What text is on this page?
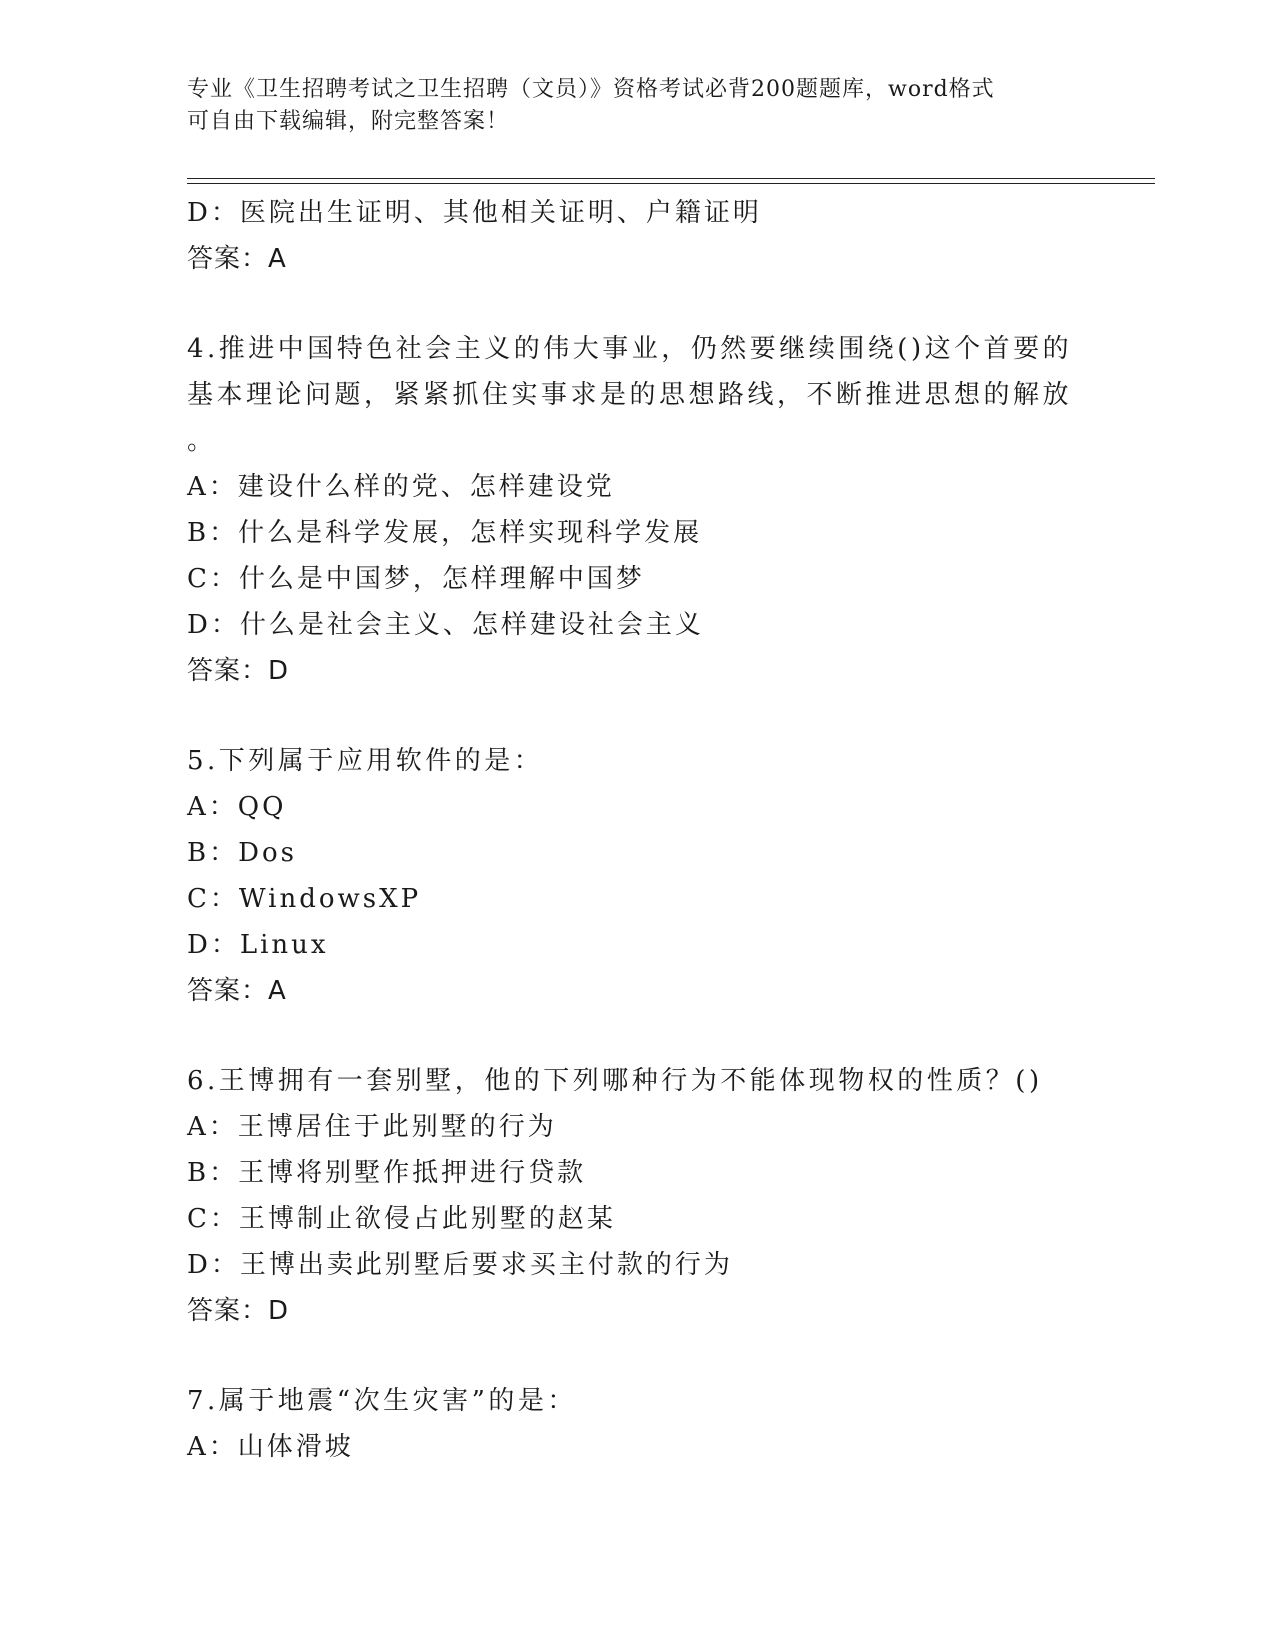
专业《卫生招聘考试之卫生招聘（文员）》资格考试必背200题题库，word格式
可自由下载编辑，附完整答案！
D：医院出生证明、其他相关证明、户籍证明
答案：A
4.推进中国特色社会主义的伟大事业，仍然要继续围绕()这个首要的
基本理论问题，紧紧抓住实事求是的思想路线，不断推进思想的解放
。
A：建设什么样的党、怎样建设党
B：什么是科学发展，怎样实现科学发展
C：什么是中国梦，怎样理解中国梦
D：什么是社会主义、怎样建设社会主义
答案：D
5.下列属于应用软件的是：
A：QQ
B：Dos
C：WindowsXP
D：Linux
答案：A
6.王博拥有一套别墅，他的下列哪种行为不能体现物权的性质？()
A：王博居住于此别墅的行为
B：王博将别墅作抵押进行贷款
C：王博制止欲侵占此别墅的赵某
D：王博出卖此别墅后要求买主付款的行为
答案：D
7.属于地震“次生灾害”的是：
A：山体滑坡
